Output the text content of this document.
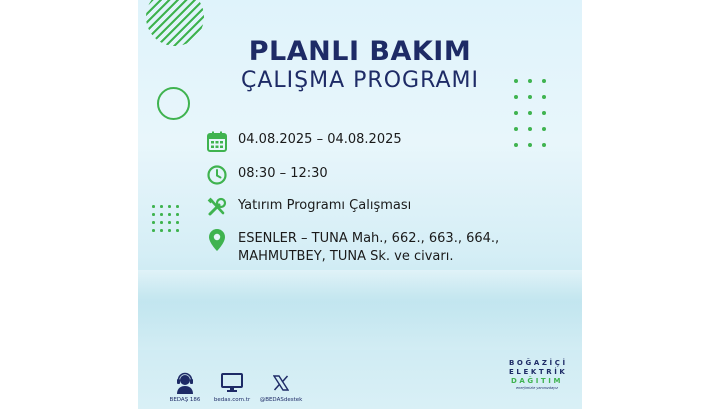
PLANLI BAKIM
ÇALIŞMA PROGRAMI
04.08.2025 – 04.08.2025
08:30 – 12:30
Yatırım Programı Çalışması
ESENLER – TUNA Mah., 662., 663., 664.,
MAHMUTBEY, TUNA Sk. ve civarı.
BEDAŞ 186	bedas.com.tr	@BEDASdestek
BOĞAZİÇİ
ELEKTRİK
DAĞITIM
enerjimizle yanınızdayız
